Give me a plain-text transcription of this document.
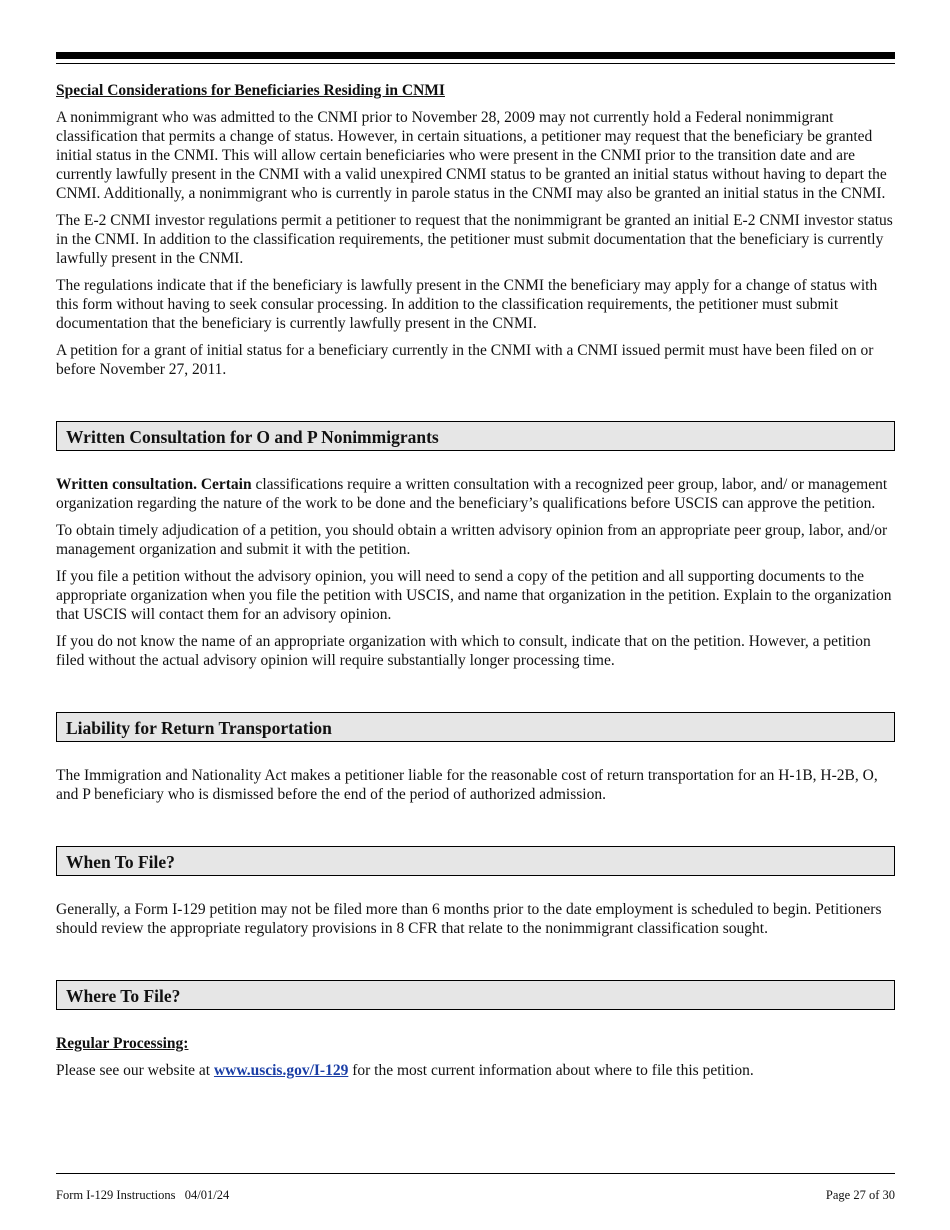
Special Considerations for Beneficiaries Residing in CNMI

A nonimmigrant who was admitted to the CNMI prior to November 28, 2009 may not currently hold a Federal nonimmigrant classification that permits a change of status. However, in certain situations, a petitioner may request that the beneficiary be granted initial status in the CNMI. This will allow certain beneficiaries who were present in the CNMI prior to the transition date and are currently lawfully present in the CNMI with a valid unexpired CNMI status to be granted an initial status without having to depart the CNMI. Additionally, a nonimmigrant who is currently in parole status in the CNMI may also be granted an initial status in the CNMI.

The E-2 CNMI investor regulations permit a petitioner to request that the nonimmigrant be granted an initial E-2 CNMI investor status in the CNMI. In addition to the classification requirements, the petitioner must submit documentation that the beneficiary is currently lawfully present in the CNMI.

The regulations indicate that if the beneficiary is lawfully present in the CNMI the beneficiary may apply for a change of status with this form without having to seek consular processing. In addition to the classification requirements, the petitioner must submit documentation that the beneficiary is currently lawfully present in the CNMI.

A petition for a grant of initial status for a beneficiary currently in the CNMI with a CNMI issued permit must have been filed on or before November 27, 2011.

Written Consultation for O and P Nonimmigrants

Written consultation. Certain classifications require a written consultation with a recognized peer group, labor, and/ or management organization regarding the nature of the work to be done and the beneficiary’s qualifications before USCIS can approve the petition.

To obtain timely adjudication of a petition, you should obtain a written advisory opinion from an appropriate peer group, labor, and/or management organization and submit it with the petition.

If you file a petition without the advisory opinion, you will need to send a copy of the petition and all supporting documents to the appropriate organization when you file the petition with USCIS, and name that organization in the petition. Explain to the organization that USCIS will contact them for an advisory opinion.

If you do not know the name of an appropriate organization with which to consult, indicate that on the petition. However, a petition filed without the actual advisory opinion will require substantially longer processing time.

Liability for Return Transportation

The Immigration and Nationality Act makes a petitioner liable for the reasonable cost of return transportation for an H-1B, H-2B, O, and P beneficiary who is dismissed before the end of the period of authorized admission.

When To File?

Generally, a Form I-129 petition may not be filed more than 6 months prior to the date employment is scheduled to begin. Petitioners should review the appropriate regulatory provisions in 8 CFR that relate to the nonimmigrant classification sought.

Where To File?
Regular Processing:

Please see our website at www.uscis.gov/I-129 for the most current information about where to file this petition.

Form I-129 Instructions   04/01/24	Page 27 of 30
